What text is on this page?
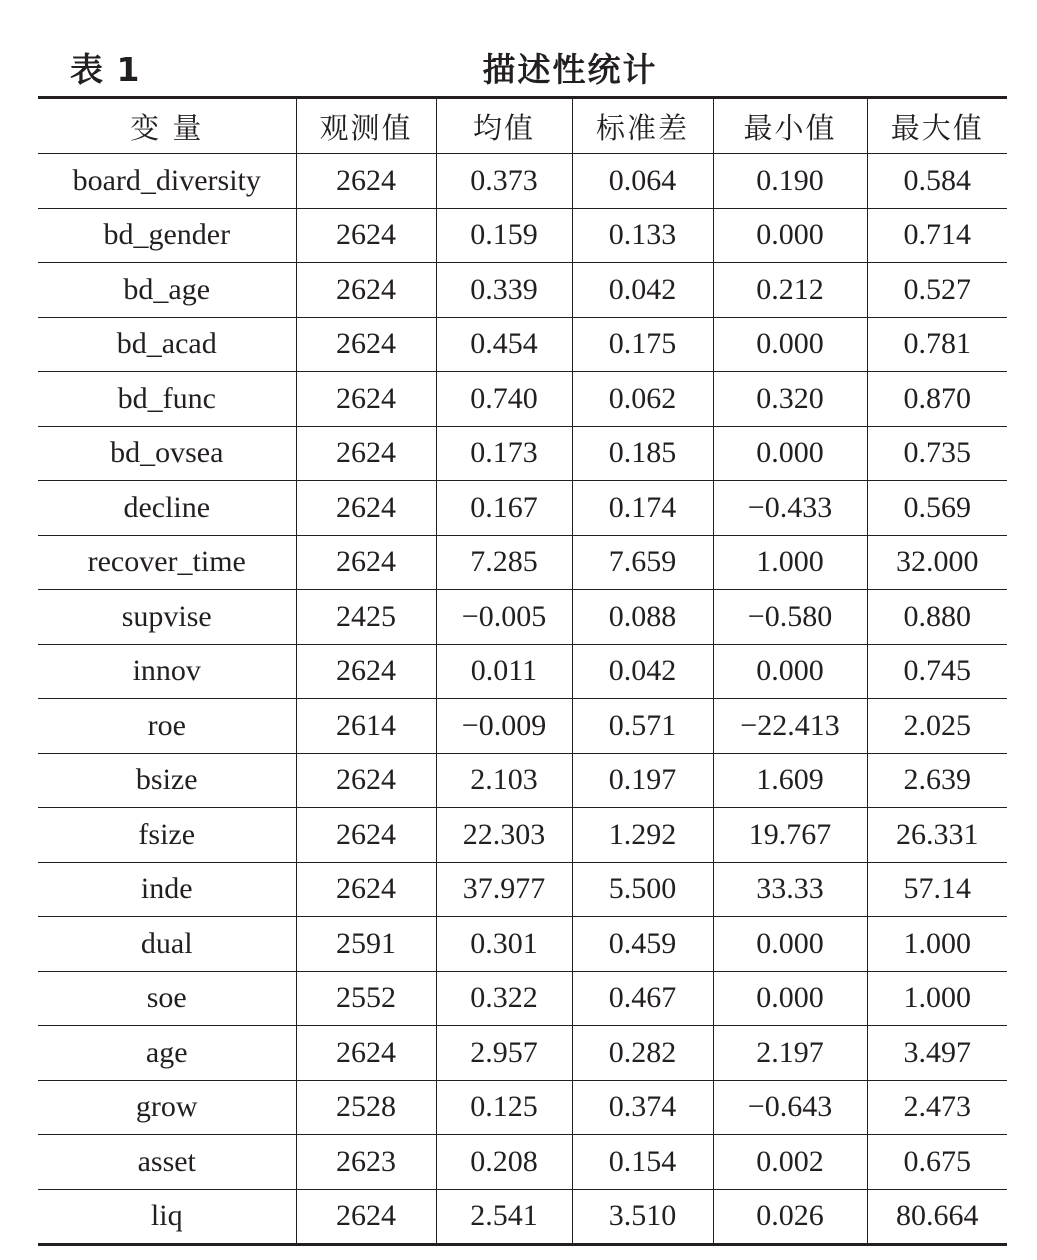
表 1	描述性统计
变 量	观测值	均值	标准差	最小值	最大值
board_diversity	2624	0.373	0.064	0.190	0.584
bd_gender	2624	0.159	0.133	0.000	0.714
bd_age	2624	0.339	0.042	0.212	0.527
bd_acad	2624	0.454	0.175	0.000	0.781
bd_func	2624	0.740	0.062	0.320	0.870
bd_ovsea	2624	0.173	0.185	0.000	0.735
decline	2624	0.167	0.174	−0.433	0.569
recover_time	2624	7.285	7.659	1.000	32.000
supvise	2425	−0.005	0.088	−0.580	0.880
innov	2624	0.011	0.042	0.000	0.745
roe	2614	−0.009	0.571	−22.413	2.025
bsize	2624	2.103	0.197	1.609	2.639
fsize	2624	22.303	1.292	19.767	26.331
inde	2624	37.977	5.500	33.33	57.14
dual	2591	0.301	0.459	0.000	1.000
soe	2552	0.322	0.467	0.000	1.000
age	2624	2.957	0.282	2.197	3.497
grow	2528	0.125	0.374	−0.643	2.473
asset	2623	0.208	0.154	0.002	0.675
liq	2624	2.541	3.510	0.026	80.664
